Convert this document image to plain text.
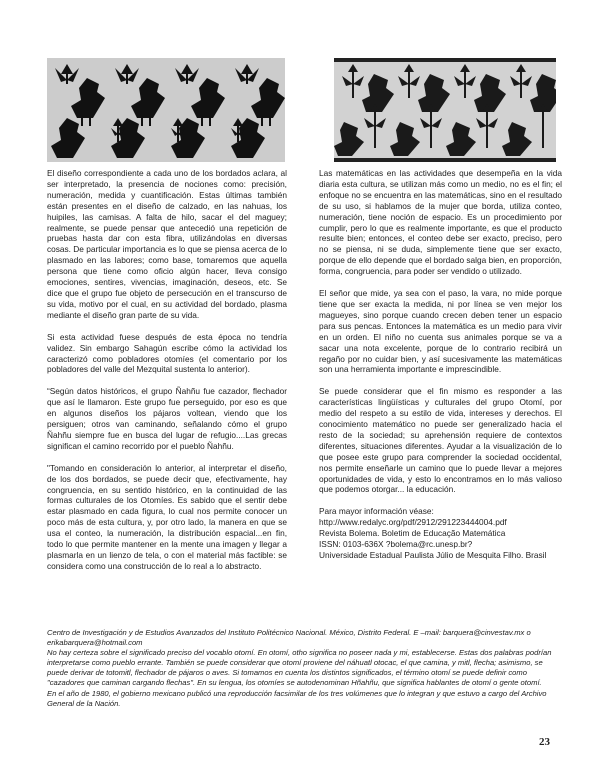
El diseño correspondiente a cada uno de los bordados aclara, al ser interpretado, la presencia de nociones como: precisión, numeración, medida y cuantificación. Estas últimas también están presentes en el diseño de calzado, en las nahuas, los huipiles, las camisas. A falta de hilo, sacar el del maguey; realmente, se puede pensar que antecedió una repetición de pruebas hasta dar con esta fibra, utilizándolas en diversas cosas. De particular importancia es lo que se piensa acerca de lo plasmado en las labores; como base, tomaremos que aquella persona que tiene como oficio algún hacer, lleva consigo emociones, sentires, vivencias, imaginación, deseos, etc. Se dice que el grupo fue objeto de persecución en el transcurso de su vida, motivo por el cual, en su actividad del bordado, plasma mediante el diseño gran parte de su vida.

Si esta actividad fuese después de esta época no tendría validez. Sin embargo Sahagún escribe cómo la actividad los caracterizó como pobladores otomíes (el comentario por los pobladores del valle del Mezquital sustenta lo anterior).

“Según datos históricos, el grupo Ñahñu fue cazador, flechador que así le llamaron. Este grupo fue perseguido, por eso es que en algunos diseños los pájaros voltean, viendo que los persiguen; otros van caminando, señalando cómo el grupo Ñahñu siempre fue en busca del lugar de refugio....Las grecas significan el camino recorrido por el pueblo Ñahñu.

"Tomando en consideración lo anterior, al interpretar el diseño, de los dos bordados, se puede decir que, efectivamente, hay congruencia, en su sentido histórico, en la continuidad de las formas culturales de los Otomíes. Es sabido que el sentir debe estar plasmado en cada figura, lo cual nos permite conocer un poco más de esta cultura, y, por otro lado, la manera en que se usa el conteo, la numeración, la distribución espacial...en fin, todo lo que permite mantener en la mente una imagen y llegar a plasmarla en un lienzo de tela, o con el material más factible: se considera como una construcción de lo real a lo abstracto.

Las matemáticas en las actividades que desempeña en la vida diaria esta cultura, se utilizan más como un medio, no es el fin; el enfoque no se encuentra en las matemáticas, sino en el resultado de su uso, si hablamos de la mujer que borda, utiliza conteo, numeración, tiene noción de espacio. Es un procedimiento por cumplir, pero lo que es realmente importante, es que el producto resulte bien; entonces, el conteo debe ser exacto, preciso, pero no se piensa, ni se duda, simplemente tiene que ser exacto, porque de ello depende que el bordado salga bien, en proporción, forma, congruencia, para poder ser vendido o utilizado.

El señor que mide, ya sea con el paso, la vara, no mide porque tiene que ser exacta la medida, ni por línea se ven mejor los magueyes, sino porque cuando crecen deben tener un espacio para sus pencas. Entonces la matemática es un medio para vivir en un orden. El niño no cuenta sus animales porque se va a sacar una nota excelente, porque de lo contrario recibirá un regaño por no cuidar bien, y así sucesivamente las matemáticas son una herramienta importante e imprescindible.

Se puede considerar que el fin mismo es responder a las características lingüísticas y culturales del grupo Otomí, por medio del respeto a su estilo de vida, intereses y derechos. El conocimiento matemático no puede ser generalizado hacia el resto de la sociedad; su aprehensión requiere de contextos diferentes, situaciones diferentes. Ayudar a la visualización de lo que posee este grupo para comprender la sociedad occidental, nos permite enseñarle un camino que lo puede llevar a mejores oportunidades de vida, y esto lo encontramos en lo más valioso que podemos otorgar... la educación.

Para mayor información véase:

http://www.redalyc.org/pdf/2912/291223444004.pdf

Revista Bolema. Boletim de Educação Matemática

ISSN: 0103-636X ?bolema@rc.unesp.br?

Universidade Estadual Paulista Júlio de Mesquita Filho. Brasil

Centro de Investigación y de Estudios Avanzados del Instituto Politécnico Nacional. México, Distrito Federal. E –mail: barquera@cinvestav.mx o erikabarquera@hotmail.com

No hay certeza sobre el significado preciso del vocablo otomí. En otomí, otho significa no poseer nada y mi, establecerse. Estas dos palabras podrían interpretarse como pueblo errante. También se puede considerar que otomí proviene del náhuatl otocac, el que camina, y mitl, flecha; asimismo, se puede derivar de totomitl, flechador de pájaros o aves. Si tomamos en cuenta los distintos significados, el término otomí se puede definir como "cazadores que caminan cargando flechas". En su lengua, los otomíes se autodenominan Hñahñu, que significa hablantes de otomí o gente otomí.

En el año de 1980, el gobierno mexicano publicó una reproducción facsimilar de los tres volúmenes que lo integran y que estuvo a cargo del Archivo General de la Nación.

23
